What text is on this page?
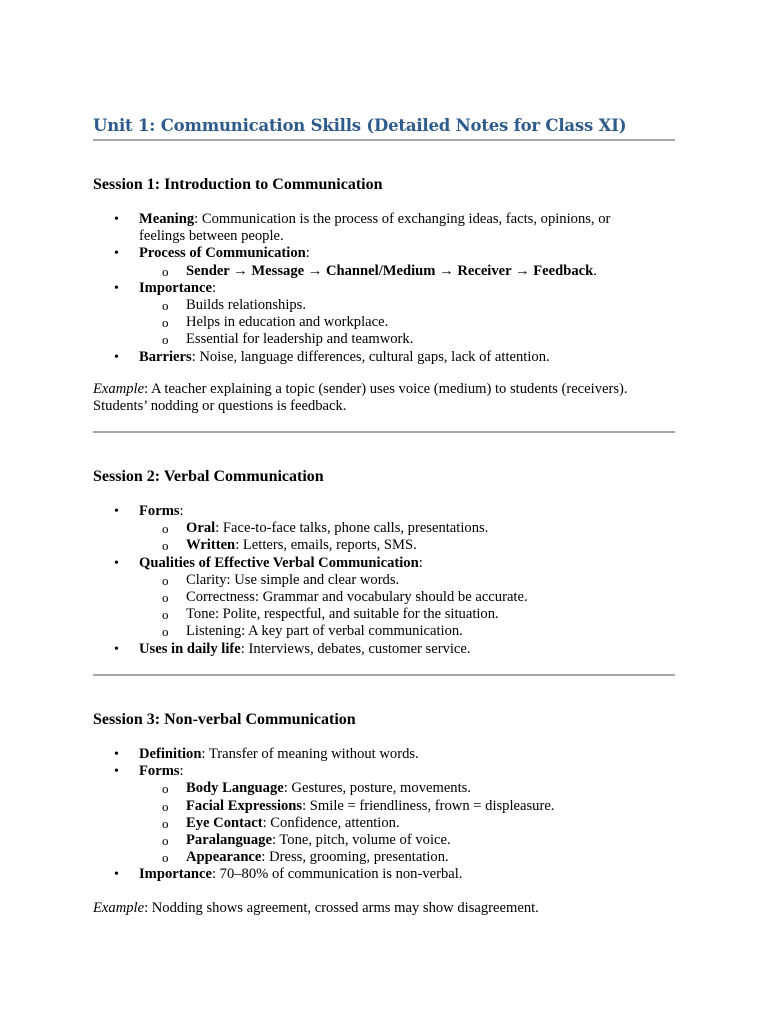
Unit 1: Communication Skills (Detailed Notes for Class XI)
Session 1: Introduction to Communication
• Meaning: Communication is the process of exchanging ideas, facts, opinions, or feelings between people.
• Process of Communication:
o Sender → Message → Channel/Medium → Receiver → Feedback.
• Importance:
o Builds relationships.
o Helps in education and workplace.
o Essential for leadership and teamwork.
• Barriers: Noise, language differences, cultural gaps, lack of attention.
Example: A teacher explaining a topic (sender) uses voice (medium) to students (receivers). Students’ nodding or questions is feedback.
Session 2: Verbal Communication
• Forms:
o Oral: Face-to-face talks, phone calls, presentations.
o Written: Letters, emails, reports, SMS.
• Qualities of Effective Verbal Communication:
o Clarity: Use simple and clear words.
o Correctness: Grammar and vocabulary should be accurate.
o Tone: Polite, respectful, and suitable for the situation.
o Listening: A key part of verbal communication.
• Uses in daily life: Interviews, debates, customer service.
Session 3: Non-verbal Communication
• Definition: Transfer of meaning without words.
• Forms:
o Body Language: Gestures, posture, movements.
o Facial Expressions: Smile = friendliness, frown = displeasure.
o Eye Contact: Confidence, attention.
o Paralanguage: Tone, pitch, volume of voice.
o Appearance: Dress, grooming, presentation.
• Importance: 70–80% of communication is non-verbal.
Example: Nodding shows agreement, crossed arms may show disagreement.
